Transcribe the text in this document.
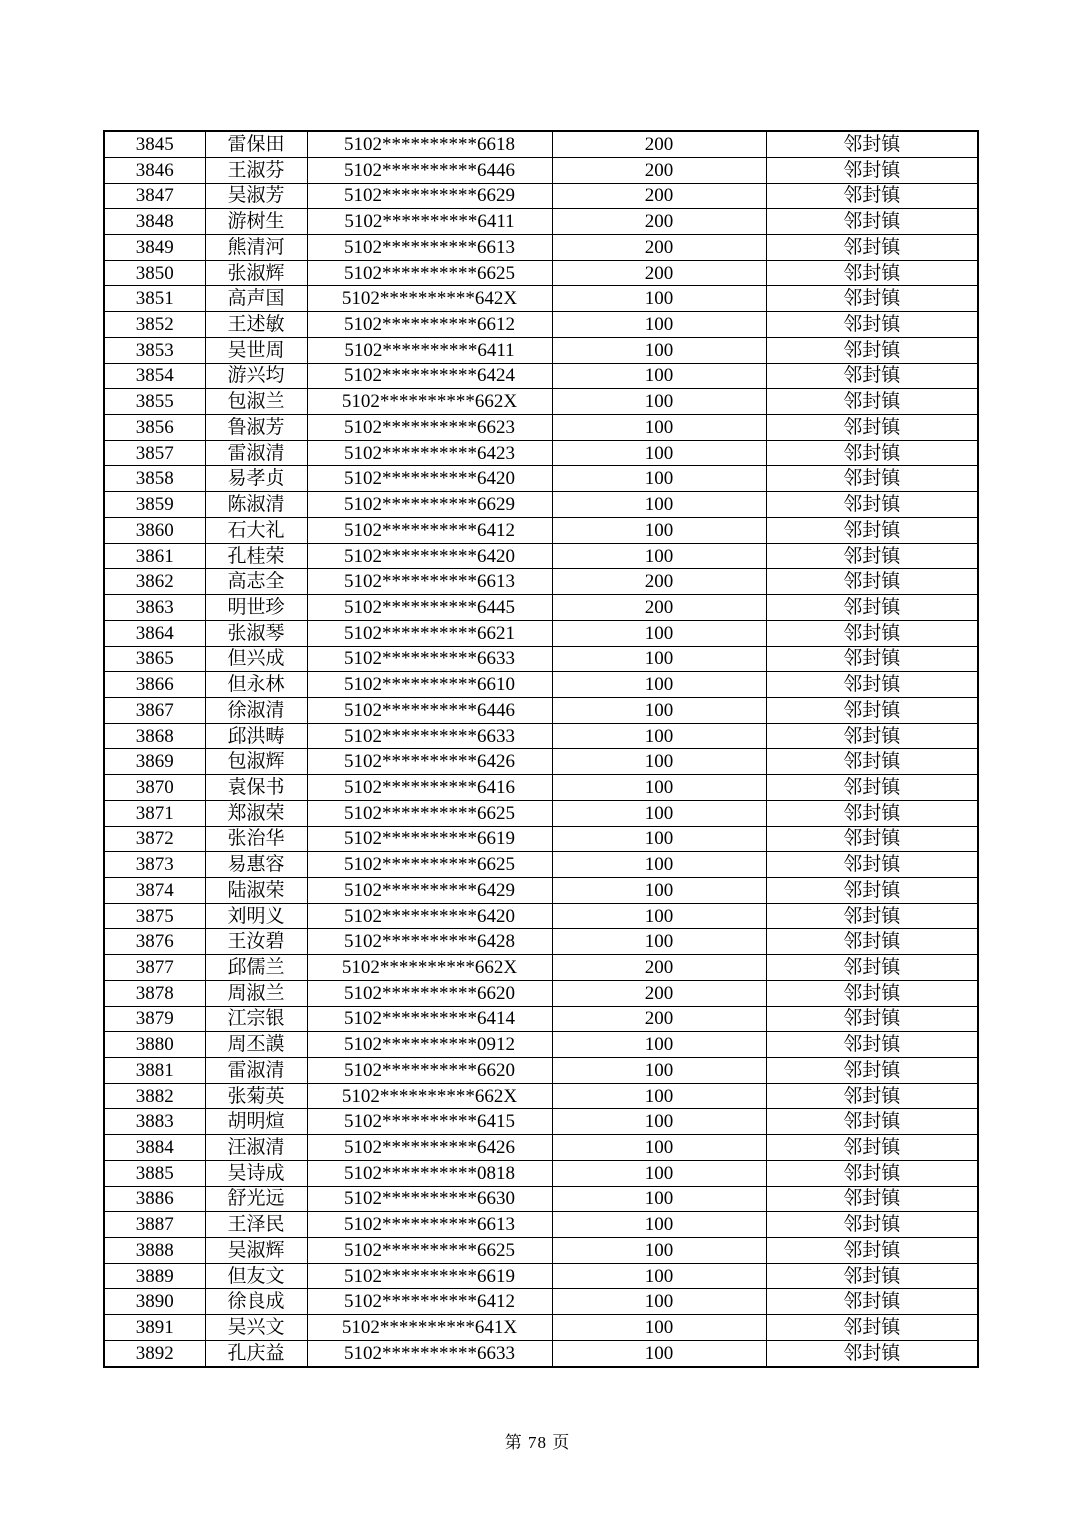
3845	雷保田	5102**********6618	200	邻封镇
3846	王淑芬	5102**********6446	200	邻封镇
3847	吴淑芳	5102**********6629	200	邻封镇
3848	游树生	5102**********6411	200	邻封镇
3849	熊清河	5102**********6613	200	邻封镇
3850	张淑辉	5102**********6625	200	邻封镇
3851	高声国	5102**********642X	100	邻封镇
3852	王述敏	5102**********6612	100	邻封镇
3853	吴世周	5102**********6411	100	邻封镇
3854	游兴均	5102**********6424	100	邻封镇
3855	包淑兰	5102**********662X	100	邻封镇
3856	鲁淑芳	5102**********6623	100	邻封镇
3857	雷淑清	5102**********6423	100	邻封镇
3858	易孝贞	5102**********6420	100	邻封镇
3859	陈淑清	5102**********6629	100	邻封镇
3860	石大礼	5102**********6412	100	邻封镇
3861	孔桂荣	5102**********6420	100	邻封镇
3862	高志全	5102**********6613	200	邻封镇
3863	明世珍	5102**********6445	200	邻封镇
3864	张淑琴	5102**********6621	100	邻封镇
3865	但兴成	5102**********6633	100	邻封镇
3866	但永林	5102**********6610	100	邻封镇
3867	徐淑清	5102**********6446	100	邻封镇
3868	邱洪畴	5102**********6633	100	邻封镇
3869	包淑辉	5102**********6426	100	邻封镇
3870	袁保书	5102**********6416	100	邻封镇
3871	郑淑荣	5102**********6625	100	邻封镇
3872	张治华	5102**********6619	100	邻封镇
3873	易惠容	5102**********6625	100	邻封镇
3874	陆淑荣	5102**********6429	100	邻封镇
3875	刘明义	5102**********6420	100	邻封镇
3876	王汝碧	5102**********6428	100	邻封镇
3877	邱儒兰	5102**********662X	200	邻封镇
3878	周淑兰	5102**********6620	200	邻封镇
3879	江宗银	5102**********6414	200	邻封镇
3880	周丕謨	5102**********0912	100	邻封镇
3881	雷淑清	5102**********6620	100	邻封镇
3882	张菊英	5102**********662X	100	邻封镇
3883	胡明煊	5102**********6415	100	邻封镇
3884	汪淑清	5102**********6426	100	邻封镇
3885	吴诗成	5102**********0818	100	邻封镇
3886	舒光远	5102**********6630	100	邻封镇
3887	王泽民	5102**********6613	100	邻封镇
3888	吴淑辉	5102**********6625	100	邻封镇
3889	但友文	5102**********6619	100	邻封镇
3890	徐良成	5102**********6412	100	邻封镇
3891	吴兴文	5102**********641X	100	邻封镇
3892	孔庆益	5102**********6633	100	邻封镇
第 78 页
